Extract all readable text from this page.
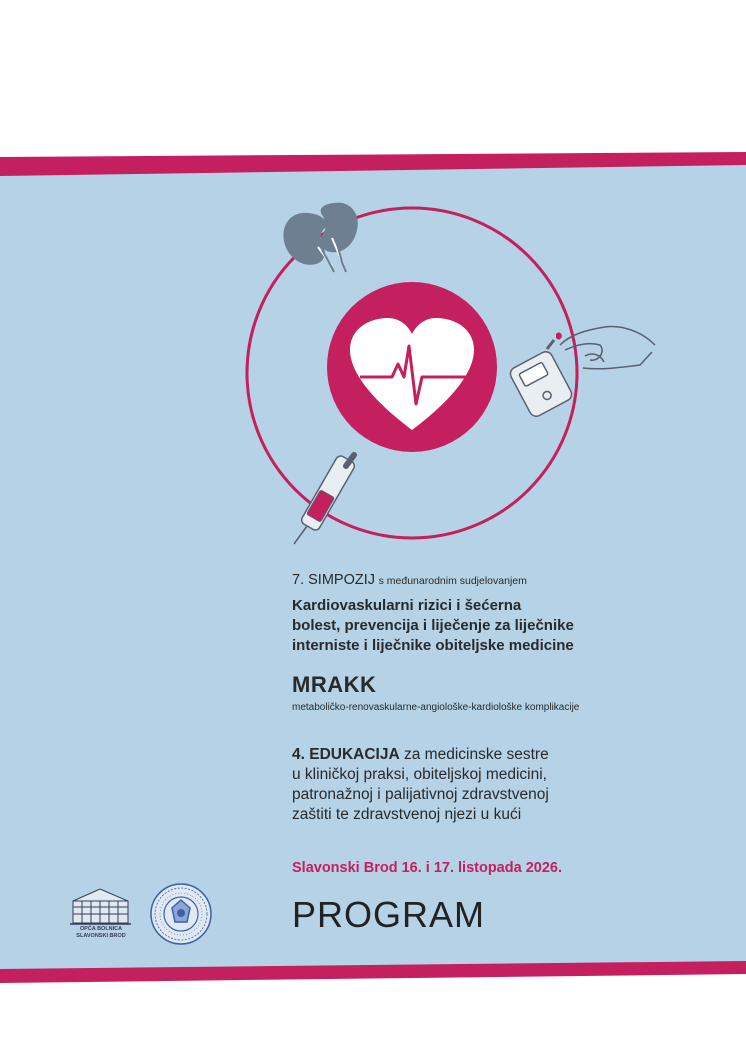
7. SIMPOZIJ s međunarodnim sudjelovanjem
Kardiovaskularni rizici i šećerna
bolest, prevencija i liječenje za liječnike
interniste i liječnike obiteljske medicine
MRAKK
metaboličko-renovaskularne-angiološke-kardiološke komplikacije
4. EDUKACIJA za medicinske sestre
u kliničkoj praksi, obiteljskoj medicini,
patronažnoj i palijativnoj zdravstvenoj
zaštiti te zdravstvenoj njezi u kući
Slavonski Brod 16. i 17. listopada 2026.
PROGRAM
OPĆA BOLNICA
SLAVONSKI BROD
